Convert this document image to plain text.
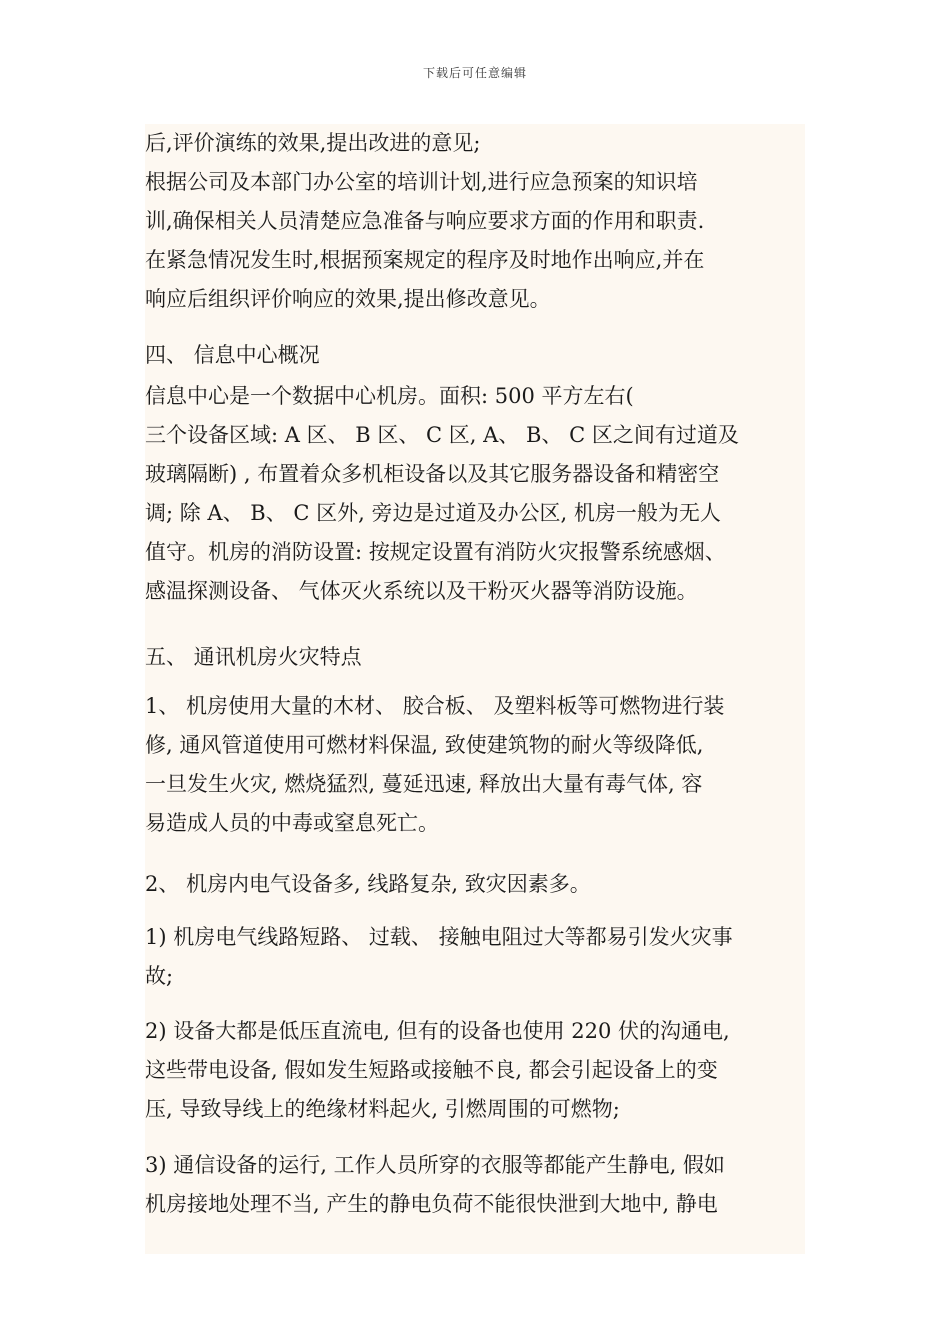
下载后可任意编辑
后,评价演练的效果,提出改进的意见;
根据公司及本部门办公室的培训计划,进行应急预案的知识培
训,确保相关人员清楚应急准备与响应要求方面的作用和职责.
在紧急情况发生时,根据预案规定的程序及时地作出响应,并在
响应后组织评价响应的效果,提出修改意见。
四、 信息中心概况
信息中心是一个数据中心机房。面积: 500 平方左右(
三个设备区域: A 区、 B 区、 C 区, A、 B、 C 区之间有过道及
玻璃隔断) , 布置着众多机柜设备以及其它服务器设备和精密空
调; 除 A、 B、 C 区外, 旁边是过道及办公区, 机房一般为无人
值守。机房的消防设置: 按规定设置有消防火灾报警系统感烟、
感温探测设备、 气体灭火系统以及干粉灭火器等消防设施。
五、 通讯机房火灾特点
1、 机房使用大量的木材、 胶合板、 及塑料板等可燃物进行装
修, 通风管道使用可燃材料保温, 致使建筑物的耐火等级降低,
一旦发生火灾, 燃烧猛烈, 蔓延迅速, 释放出大量有毒气体, 容
易造成人员的中毒或窒息死亡。
2、 机房内电气设备多, 线路复杂, 致灾因素多。
1) 机房电气线路短路、 过载、 接触电阻过大等都易引发火灾事
故;
2) 设备大都是低压直流电, 但有的设备也使用 220 伏的沟通电,
这些带电设备, 假如发生短路或接触不良, 都会引起设备上的变
压, 导致导线上的绝缘材料起火, 引燃周围的可燃物;
3) 通信设备的运行, 工作人员所穿的衣服等都能产生静电, 假如
机房接地处理不当, 产生的静电负荷不能很快泄到大地中, 静电
